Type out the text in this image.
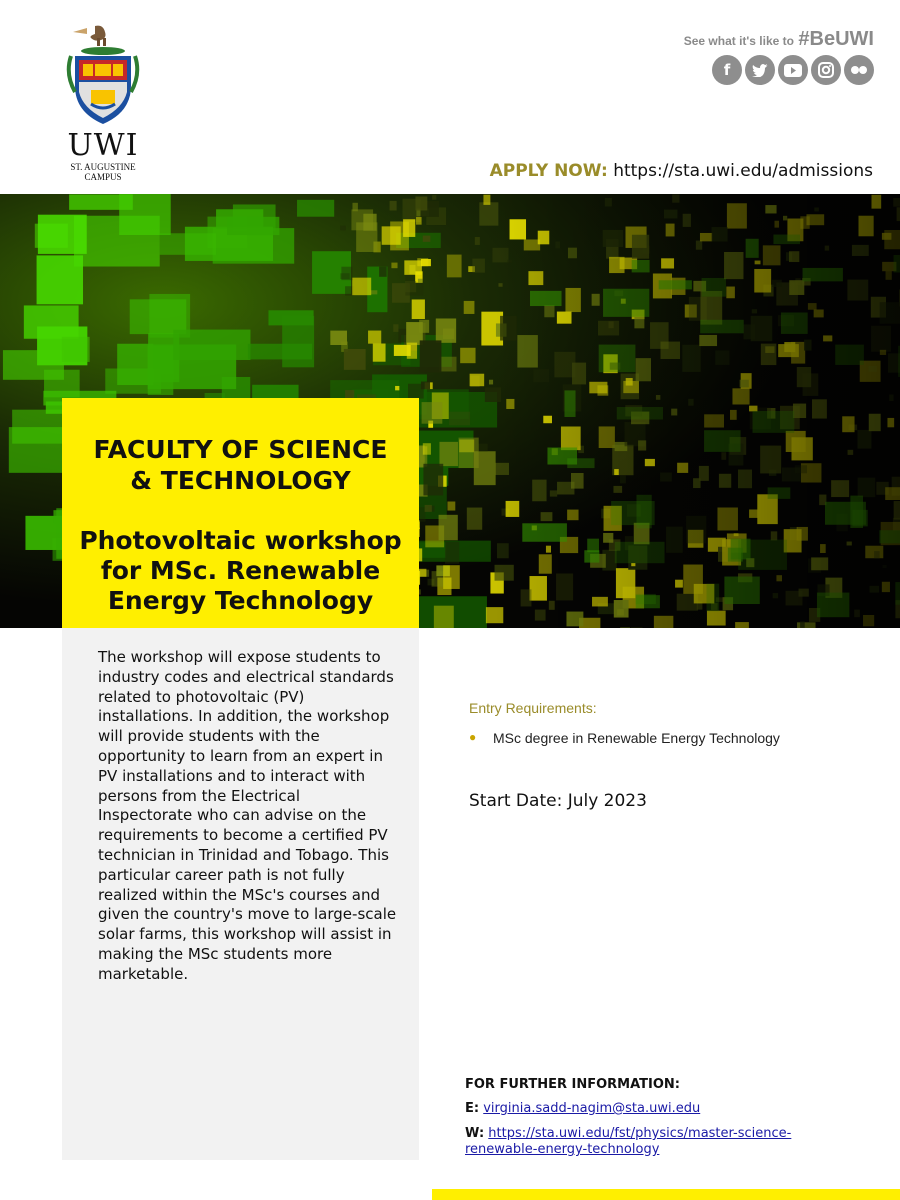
UWI
ST. AUGUSTINE
CAMPUS
See what it's like to #BeUWI
f
APPLY NOW: https://sta.uwi.edu/admissions
FACULTY OF SCIENCE
& TECHNOLOGY
Photovoltaic workshop
for MSc. Renewable
Energy Technology

The workshop will expose students to industry codes and electrical standards related to photovoltaic (PV) installations. In addition, the workshop will provide students with the opportunity to learn from an expert in PV installations and to interact with persons from the Electrical Inspectorate who can advise on the requirements to become a certified PV technician in Trinidad and Tobago. This particular career path is not fully realized within the MSc's courses and given the country's move to large-scale solar farms, this workshop will assist in making the MSc students more marketable.

Entry Requirements:
●	MSc degree in Renewable Energy Technology
Start Date: July 2023
FOR FURTHER INFORMATION:
E: virginia.sadd-nagim@sta.uwi.edu
W: https://sta.uwi.edu/fst/physics/master-science-
renewable-energy-technology
